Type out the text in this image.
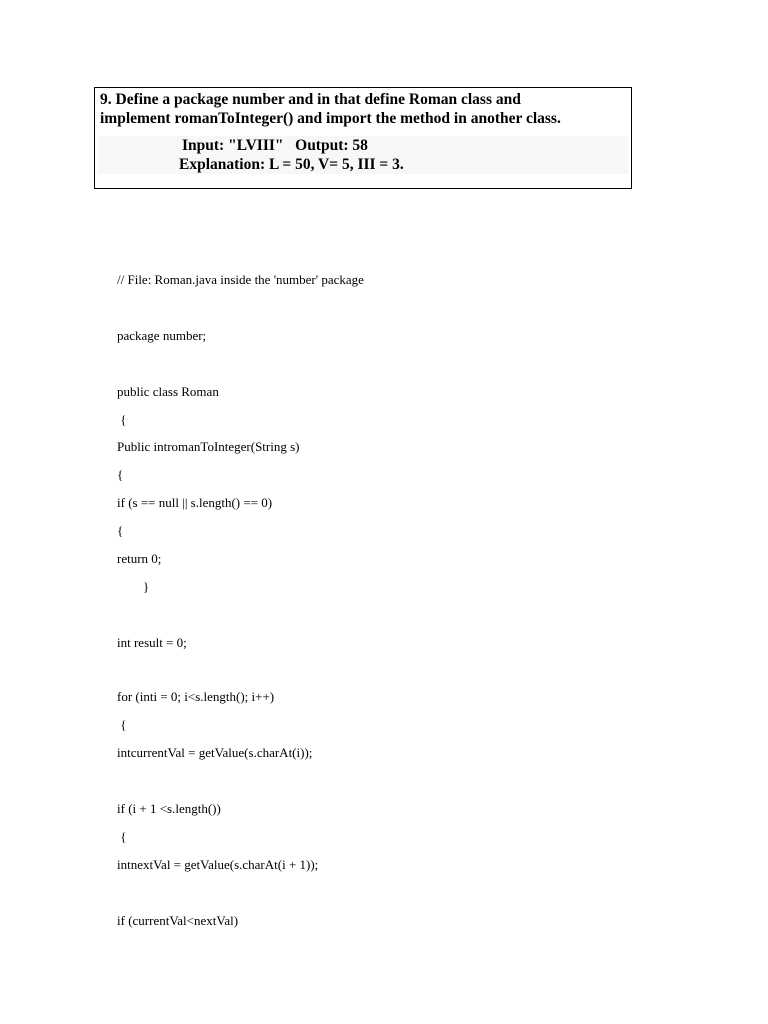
9. Define a package number and in that define Roman class and
implement romanToInteger() and import the method in another class.
Input: "LVIII"   Output: 58
Explanation: L = 50, V= 5, III = 3.
// File: Roman.java inside the 'number' package
package number;
public class Roman
{
Public intromanToInteger(String s)
{
if (s == null || s.length() == 0)
{
return 0;
}
int result = 0;
for (inti = 0; i<s.length(); i++)
{
intcurrentVal = getValue(s.charAt(i));
if (i + 1 <s.length())
{
intnextVal = getValue(s.charAt(i + 1));
if (currentVal<nextVal)
